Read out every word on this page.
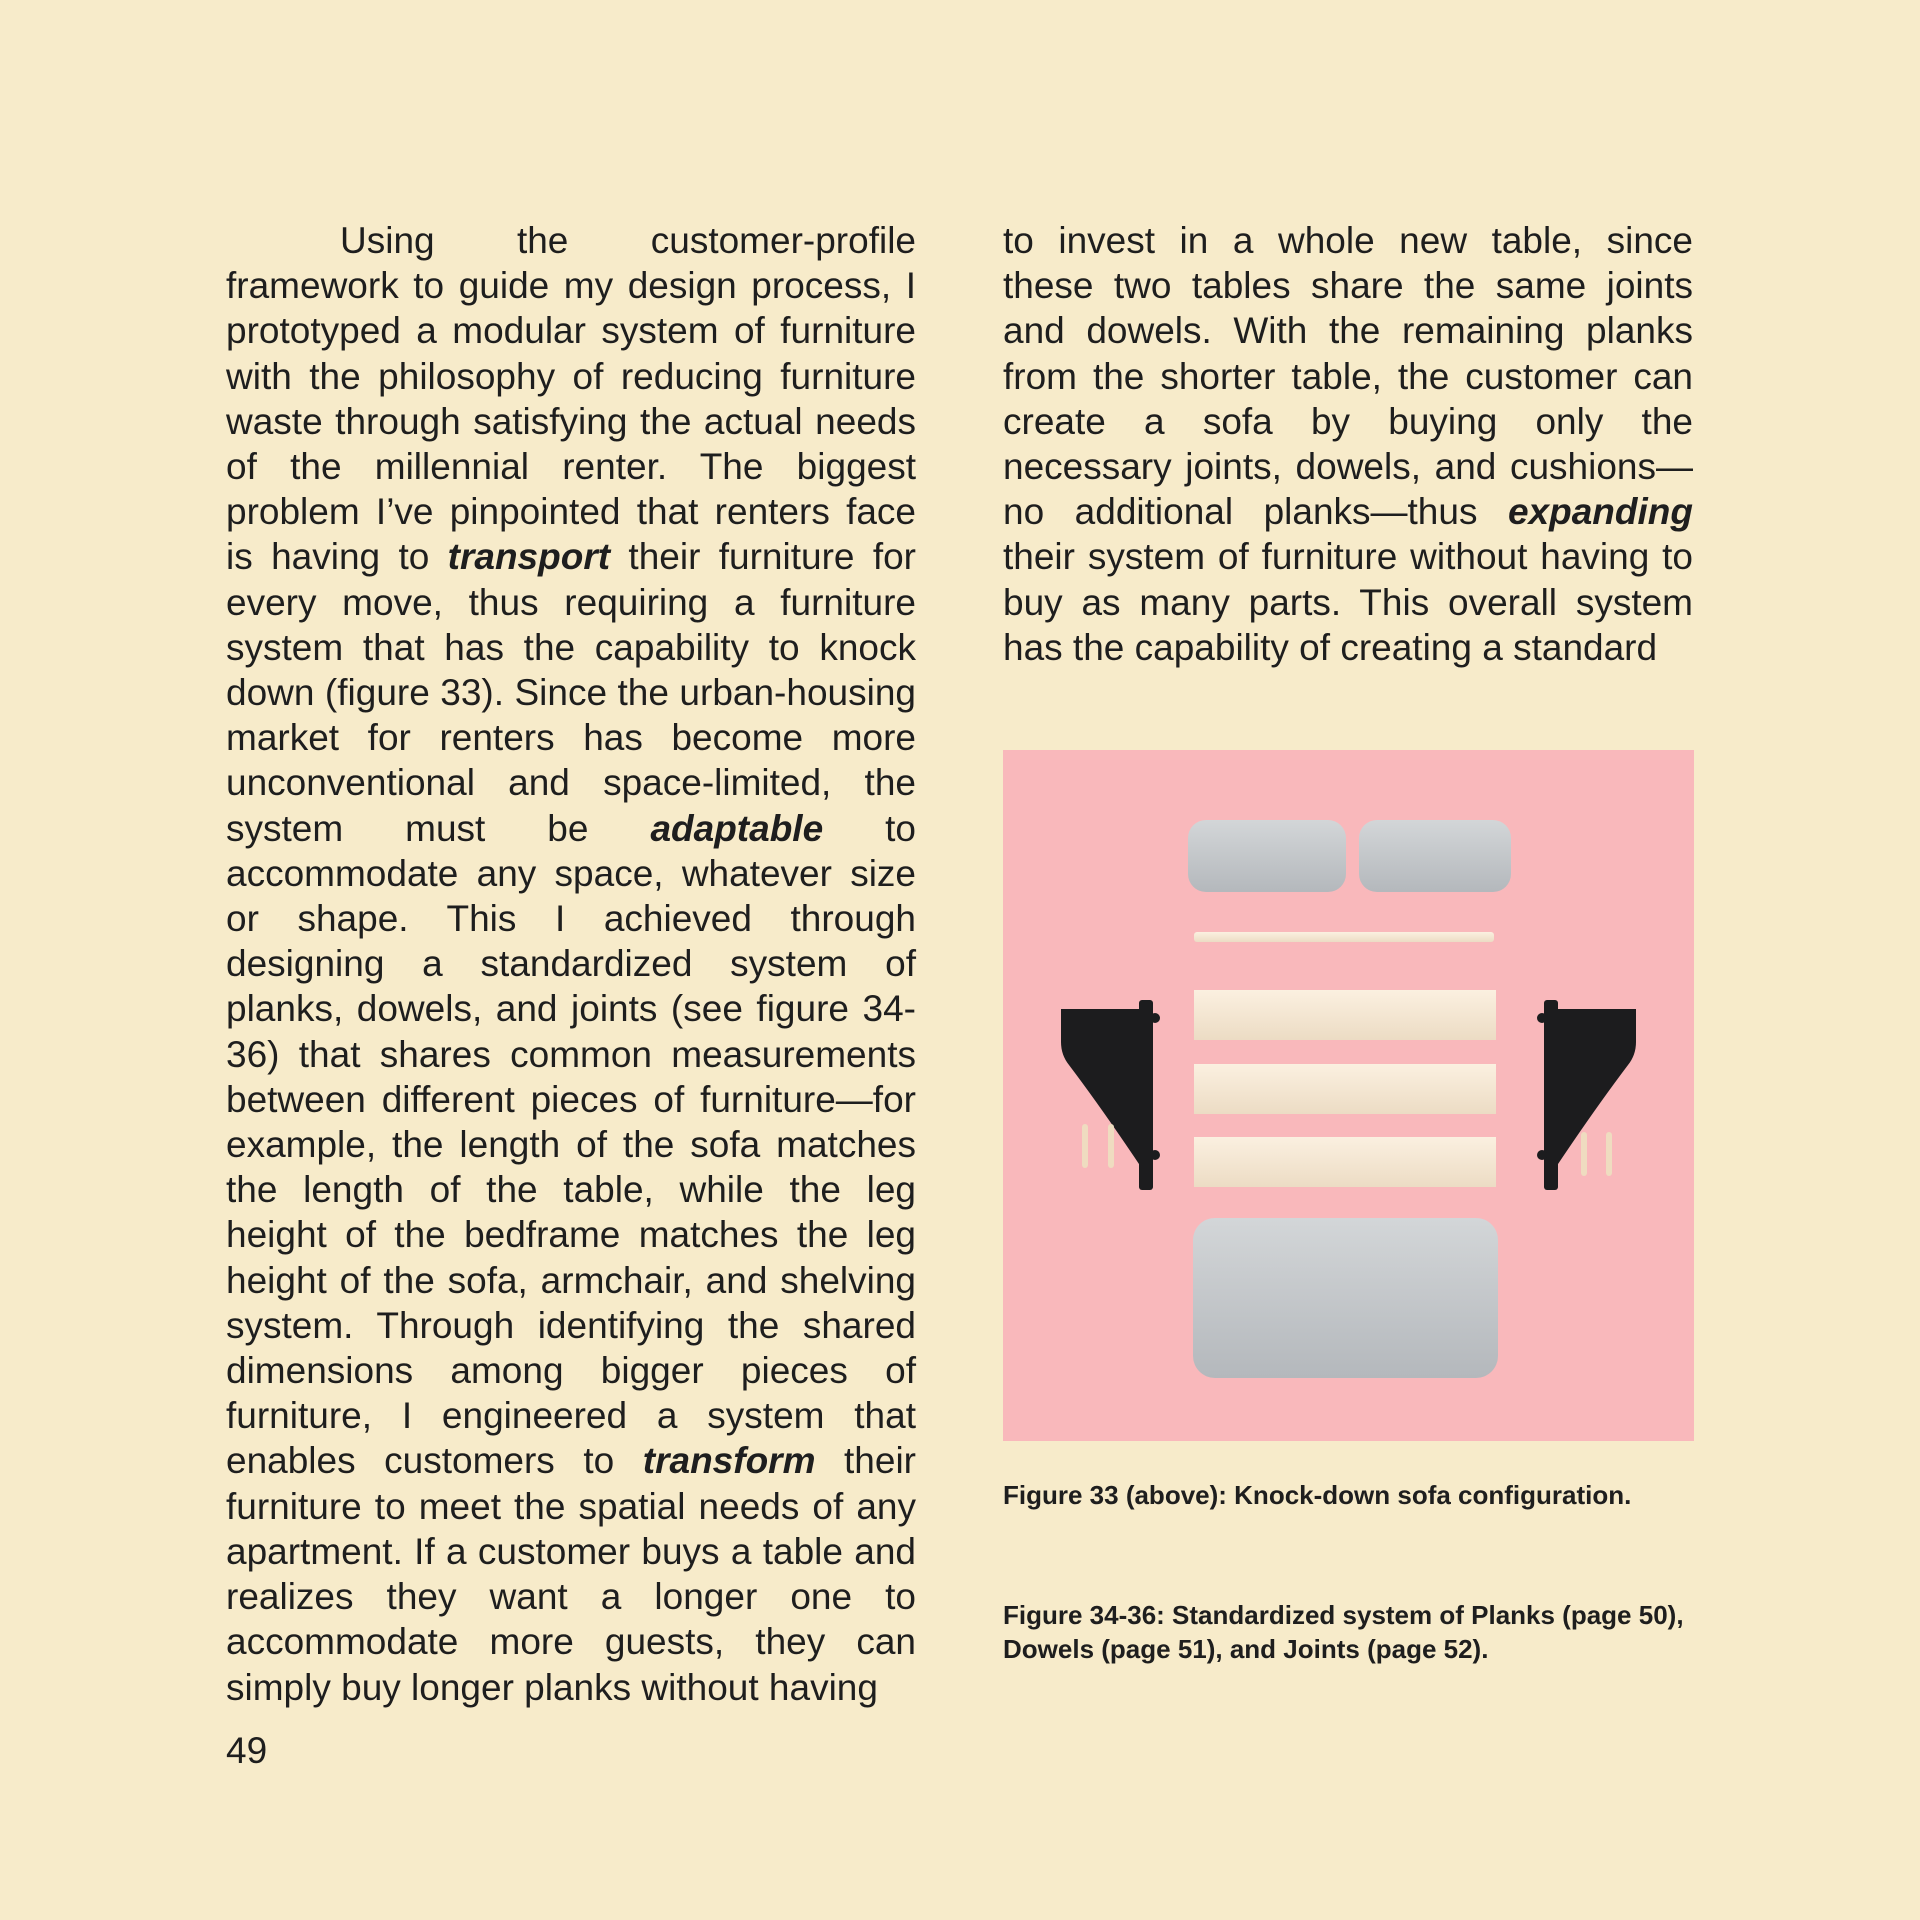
Using the customer-profile framework to guide my design process, I prototyped a modular system of furniture with the philosophy of reducing furniture waste through satisfying the actual needs of the millennial renter. The biggest problem I’ve pinpointed that renters face is having to transport their furniture for every move, thus requiring a furniture system that has the capability to knock down (figure 33). Since the urban-housing market for renters has become more unconventional and space-limited, the system must be adaptable to accommodate any space, whatever size or shape. This I achieved through designing a standardized system of planks, dowels, and joints (see figure 34-36) that shares common measurements between different pieces of furniture—for example, the length of the sofa matches the length of the table, while the leg height of the bedframe matches the leg height of the sofa, armchair, and shelving system. Through identifying the shared dimensions among bigger pieces of furniture, I engineered a system that enables customers to transform their furniture to meet the spatial needs of any apartment. If a customer buys a table and realizes they want a longer one to accommodate more guests, they can simply buy longer planks without having

to invest in a whole new table, since these two tables share the same joints and dowels. With the remaining planks from the shorter table, the customer can create a sofa by buying only the necessary joints, dowels, and cushions—no additional planks—thus expanding their system of furniture without having to buy as many parts. This overall system has the capability of creating a standard

Figure 33 (above): Knock-down sofa configuration.

Figure 34-36: Standardized system of Planks (page 50), Dowels (page 51), and Joints (page 52).

49
